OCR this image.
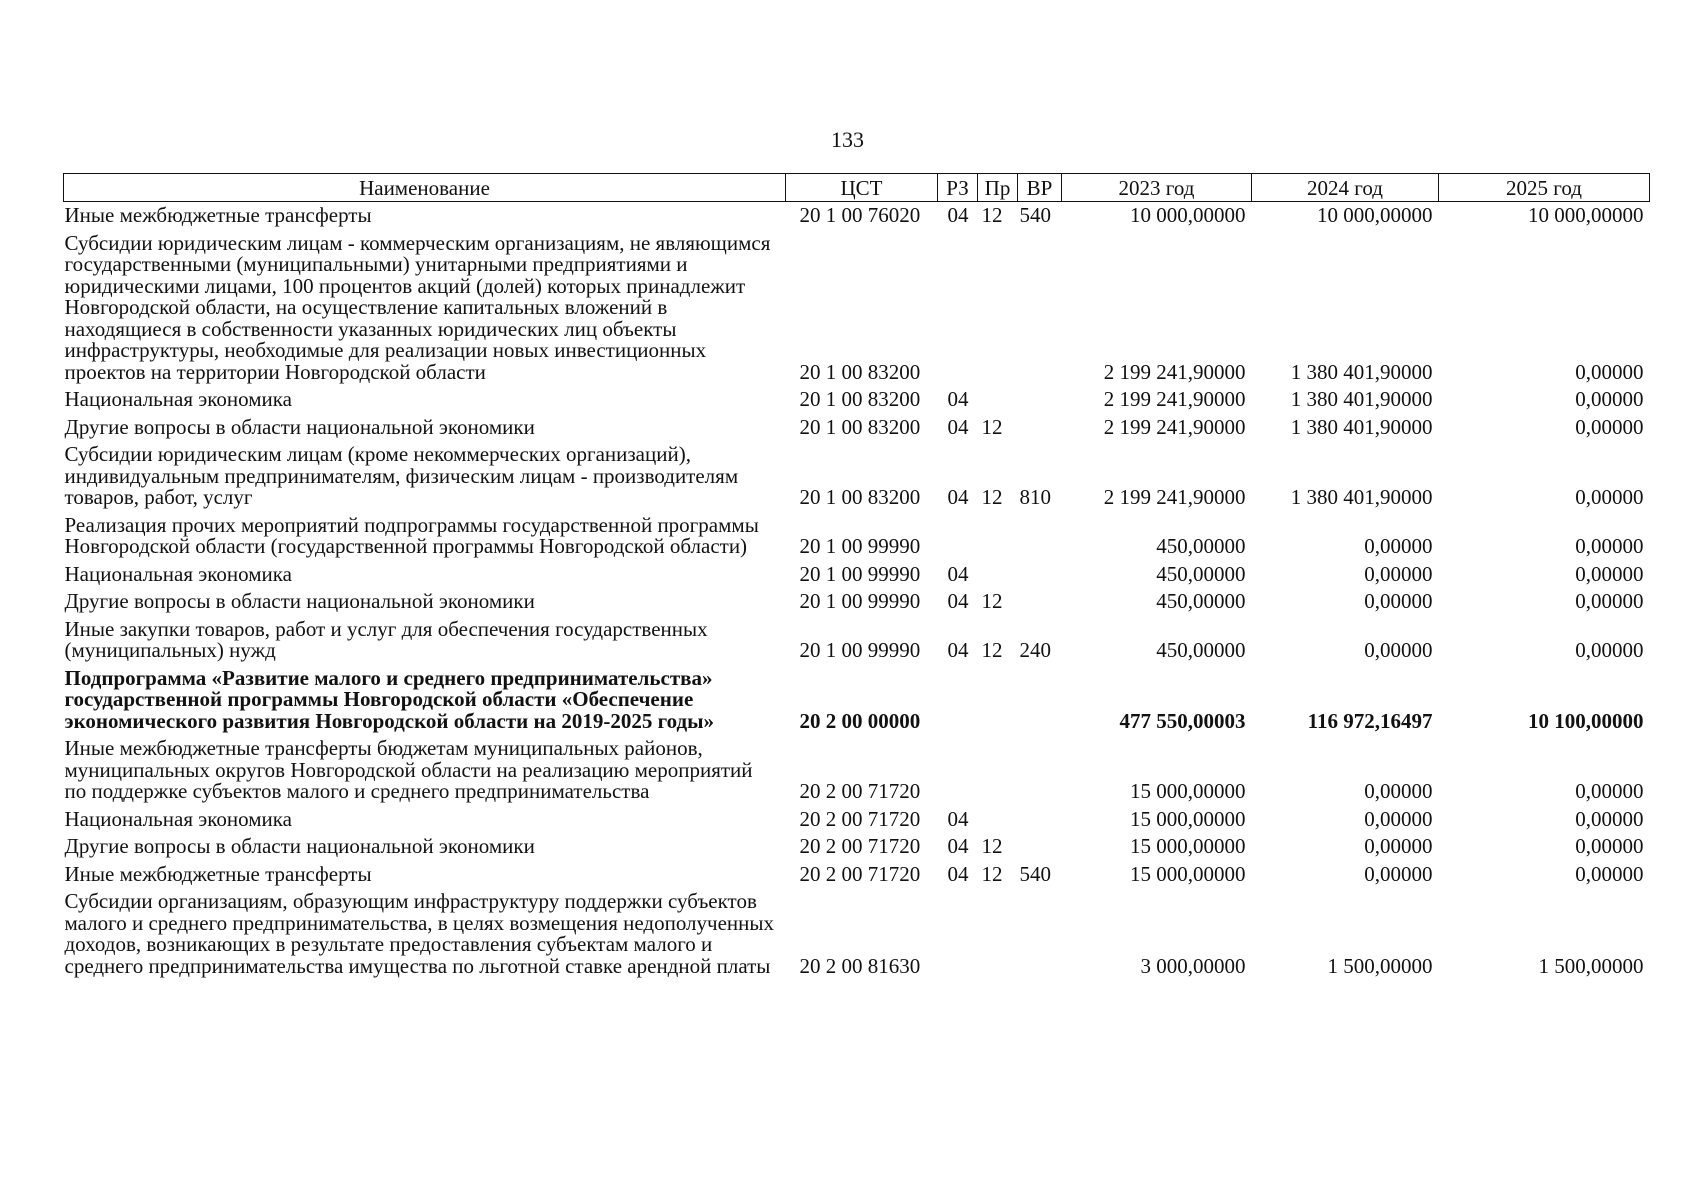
133
Наименование	ЦСТ	РЗ	Пр	ВР	2023 год	2024 год	2025 год
Иные межбюджетные трансферты	20 1 00 76020	04	12	540	10 000,00000	10 000,00000	10 000,00000
Субсидии юридическим лицам - коммерческим организациям, не являющимся государственными (муниципальными) унитарными предприятиями и юридическими лицами, 100 процентов акций (долей) которых принадлежит Новгородской области, на осуществление капитальных вложений в находящиеся в собственности указанных юридических лиц объекты инфраструктуры, необходимые для реализации новых инвестиционных проектов на территории Новгородской области	20 1 00 83200				2 199 241,90000	1 380 401,90000	0,00000
Национальная экономика	20 1 00 83200	04			2 199 241,90000	1 380 401,90000	0,00000
Другие вопросы в области национальной экономики	20 1 00 83200	04	12		2 199 241,90000	1 380 401,90000	0,00000
Субсидии юридическим лицам (кроме некоммерческих организаций), индивидуальным предпринимателям, физическим лицам - производителям товаров, работ, услуг	20 1 00 83200	04	12	810	2 199 241,90000	1 380 401,90000	0,00000
Реализация прочих мероприятий подпрограммы государственной программы Новгородской области (государственной программы Новгородской области)	20 1 00 99990				450,00000	0,00000	0,00000
Национальная экономика	20 1 00 99990	04			450,00000	0,00000	0,00000
Другие вопросы в области национальной экономики	20 1 00 99990	04	12		450,00000	0,00000	0,00000
Иные закупки товаров, работ и услуг для обеспечения государственных (муниципальных) нужд	20 1 00 99990	04	12	240	450,00000	0,00000	0,00000
Подпрограмма «Развитие малого и среднего предпринимательства» государственной программы Новгородской области «Обеспечение экономического развития Новгородской области на 2019-2025 годы»	20 2 00 00000				477 550,00003	116 972,16497	10 100,00000
Иные межбюджетные трансферты бюджетам муниципальных районов, муниципальных округов Новгородской области на реализацию мероприятий по поддержке субъектов малого и среднего предпринимательства	20 2 00 71720				15 000,00000	0,00000	0,00000
Национальная экономика	20 2 00 71720	04			15 000,00000	0,00000	0,00000
Другие вопросы в области национальной экономики	20 2 00 71720	04	12		15 000,00000	0,00000	0,00000
Иные межбюджетные трансферты	20 2 00 71720	04	12	540	15 000,00000	0,00000	0,00000
Субсидии организациям, образующим инфраструктуру поддержки субъектов малого и среднего предпринимательства, в целях возмещения недополученных доходов, возникающих в результате предоставления субъектам малого и среднего предпринимательства имущества по льготной ставке арендной платы	20 2 00 81630				3 000,00000	1 500,00000	1 500,00000
